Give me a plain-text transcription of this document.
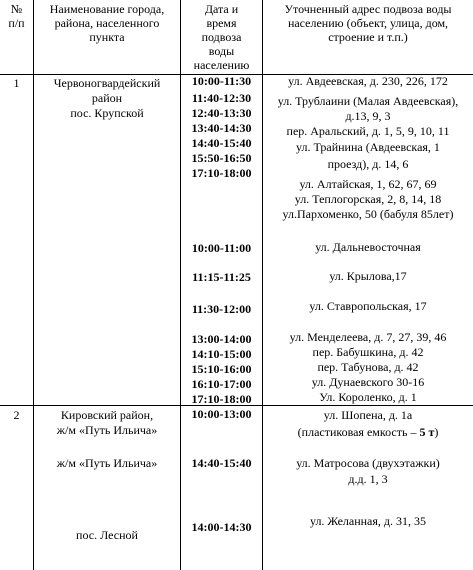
№
п/п
Наименование города,
района, населенного
пункта
Дата и
время
подвоза
воды
населению
Уточненный адрес подвоза воды
населению (объект, улица, дом,
строение и т.п.)
1	Червоногвардейский
район
пос. Крупской
10:00-11:30
11:40-12:30
12:40-13:30
13:40-14:30
14:40-15:40
15:50-16:50
17:10-18:00
10:00-11:00
11:15-11:25
11:30-12:00
13:00-14:00
14:10-15:00
15:10-16:00
16:10-17:00
17:10-18:00
ул. Авдеевская, д. 230, 226, 172
ул. Трублаини (Малая Авдеевская),
д.13, 9, 3
пер. Аральский, д. 1, 5, 9, 10, 11
ул. Трайнина (Авдеевская, 1
проезд), д. 14, 6
ул. Алтайская, 1, 62, 67, 69
ул. Теплогорская, 2, 8, 14, 18
ул.Пархоменко, 50 (бабуля 85лет)
ул. Дальневосточная
ул. Крылова,17
ул. Ставропольская, 17
ул. Менделеева, д. 7, 27, 39, 46
пер. Бабушкина, д. 42
пер. Табунова, д. 42
ул. Дунаевского 30-16
Ул. Короленко, д. 1
2	Кировский район,
ж/м «Путь Ильича»
ж/м «Путь Ильича»
пос. Лесной
10:00-13:00
14:40-15:40
14:00-14:30
ул. Шопена, д. 1а
(пластиковая емкость – 5 т)
ул. Матросова (двухэтажки)
д.д. 1, 3
ул. Желанная, д. 31, 35
